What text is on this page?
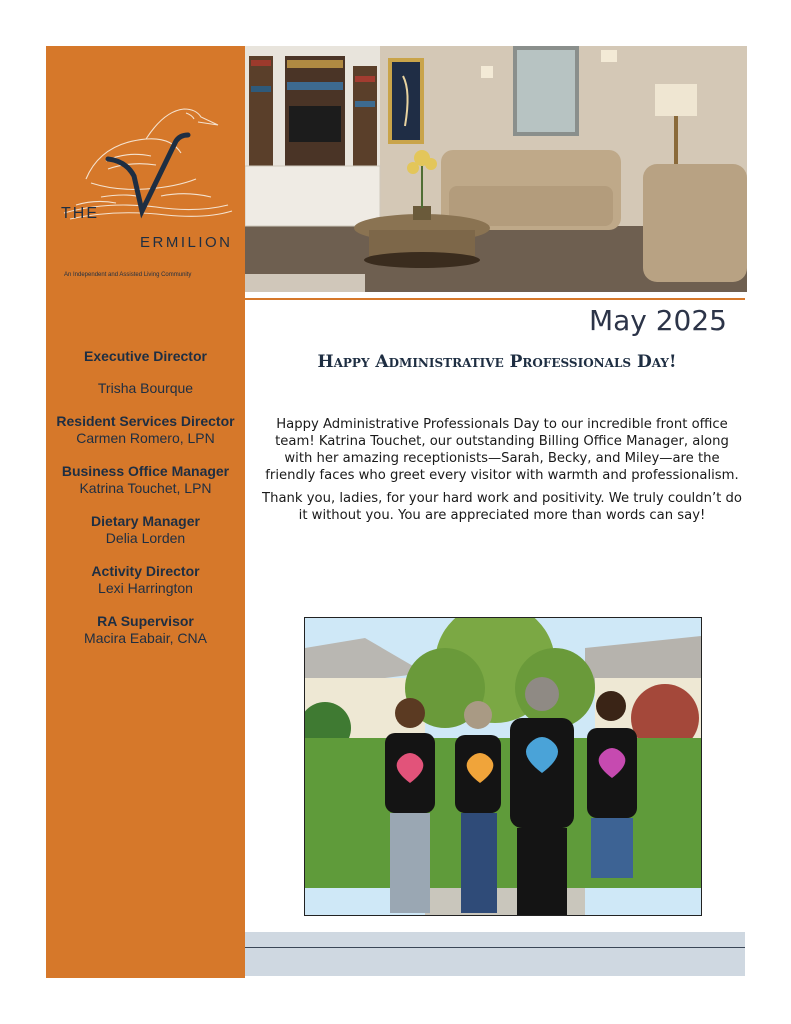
THE
ERMILION
An Independent and Assisted Living Community
Executive Director
Trisha Bourque
Resident Services Director
Carmen Romero, LPN
Business Office Manager
Katrina Touchet, LPN
Dietary Manager
Delia Lorden
Activity Director
Lexi Harrington
RA Supervisor
Macira Eabair, CNA
May 2025
Happy Administrative Professionals Day!

Happy Administrative Professionals Day to our incredible front office team! Katrina Touchet, our outstanding Billing Office Manager, along with her amazing receptionists—Sarah, Becky, and Miley—are the friendly faces who greet every visitor with warmth and professionalism.

Thank you, ladies, for your hard work and positivity. We truly couldn’t do it without you. You are appreciated more than words can say!
